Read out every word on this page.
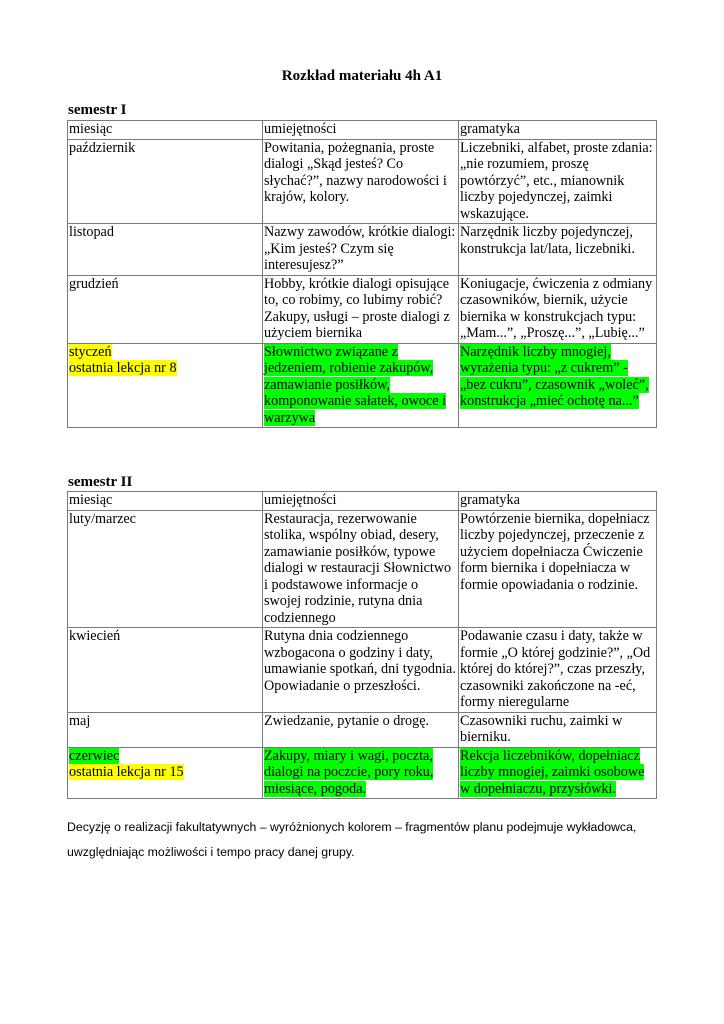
Rozkład materiału 4h A1
semestr I
miesiąc	umiejętności	gramatyka
październik	Powitania, pożegnania, proste dialogi „Skąd jesteś? Co słychać?”, nazwy narodowości i krajów, kolory.	Liczebniki, alfabet, proste zdania: „nie rozumiem, proszę powtórzyć”, etc., mianownik liczby pojedynczej, zaimki wskazujące.
listopad	Nazwy zawodów, krótkie dialogi: „Kim jesteś? Czym się interesujesz?”	Narzędnik liczby pojedynczej, konstrukcja lat/lata, liczebniki.
grudzień	Hobby, krótkie dialogi opisujące to, co robimy, co lubimy robić? Zakupy, usługi – proste dialogi z użyciem biernika	Koniugacje, ćwiczenia z odmiany czasowników, biernik, użycie biernika w konstrukcjach typu: „Mam...”, „Proszę...”, „Lubię...”
styczeń
ostatnia lekcja nr 8	Słownictwo związane z jedzeniem, robienie zakupów, zamawianie posiłków, komponowanie sałatek, owoce i warzywa	Narzędnik liczby mnogiej, wyrażenia typu: „z cukrem” - „bez cukru”, czasownik „woleć”, konstrukcja „mieć ochotę na...”
semestr II
miesiąc	umiejętności	gramatyka
luty/marzec	Restauracja, rezerwowanie stolika, wspólny obiad, desery, zamawianie posiłków, typowe dialogi w restauracji Słownictwo i podstawowe informacje o swojej rodzinie, rutyna dnia codziennego	Powtórzenie biernika, dopełniacz liczby pojedynczej, przeczenie z użyciem dopełniacza Ćwiczenie form biernika i dopełniacza w formie opowiadania o rodzinie.
kwiecień	Rutyna dnia codziennego wzbogacona o godziny i daty, umawianie spotkań, dni tygodnia. Opowiadanie o przeszłości.	Podawanie czasu i daty, także w formie „O której godzinie?”, „Od której do której?”, czas przeszły, czasowniki zakończone na -eć, formy nieregularne
maj	Zwiedzanie, pytanie o drogę.	Czasowniki ruchu, zaimki w bierniku.
czerwiec
ostatnia lekcja nr 15	Zakupy, miary i wagi, poczta, dialogi na poczcie, pory roku, miesiące, pogoda.	Rekcja liczebników, dopełniacz liczby mnogiej, zaimki osobowe w dopełniaczu, przysłówki.
Decyzję o realizacji fakultatywnych – wyróżnionych kolorem – fragmentów planu podejmuje wykładowca,
uwzględniając możliwości i tempo pracy danej grupy.
